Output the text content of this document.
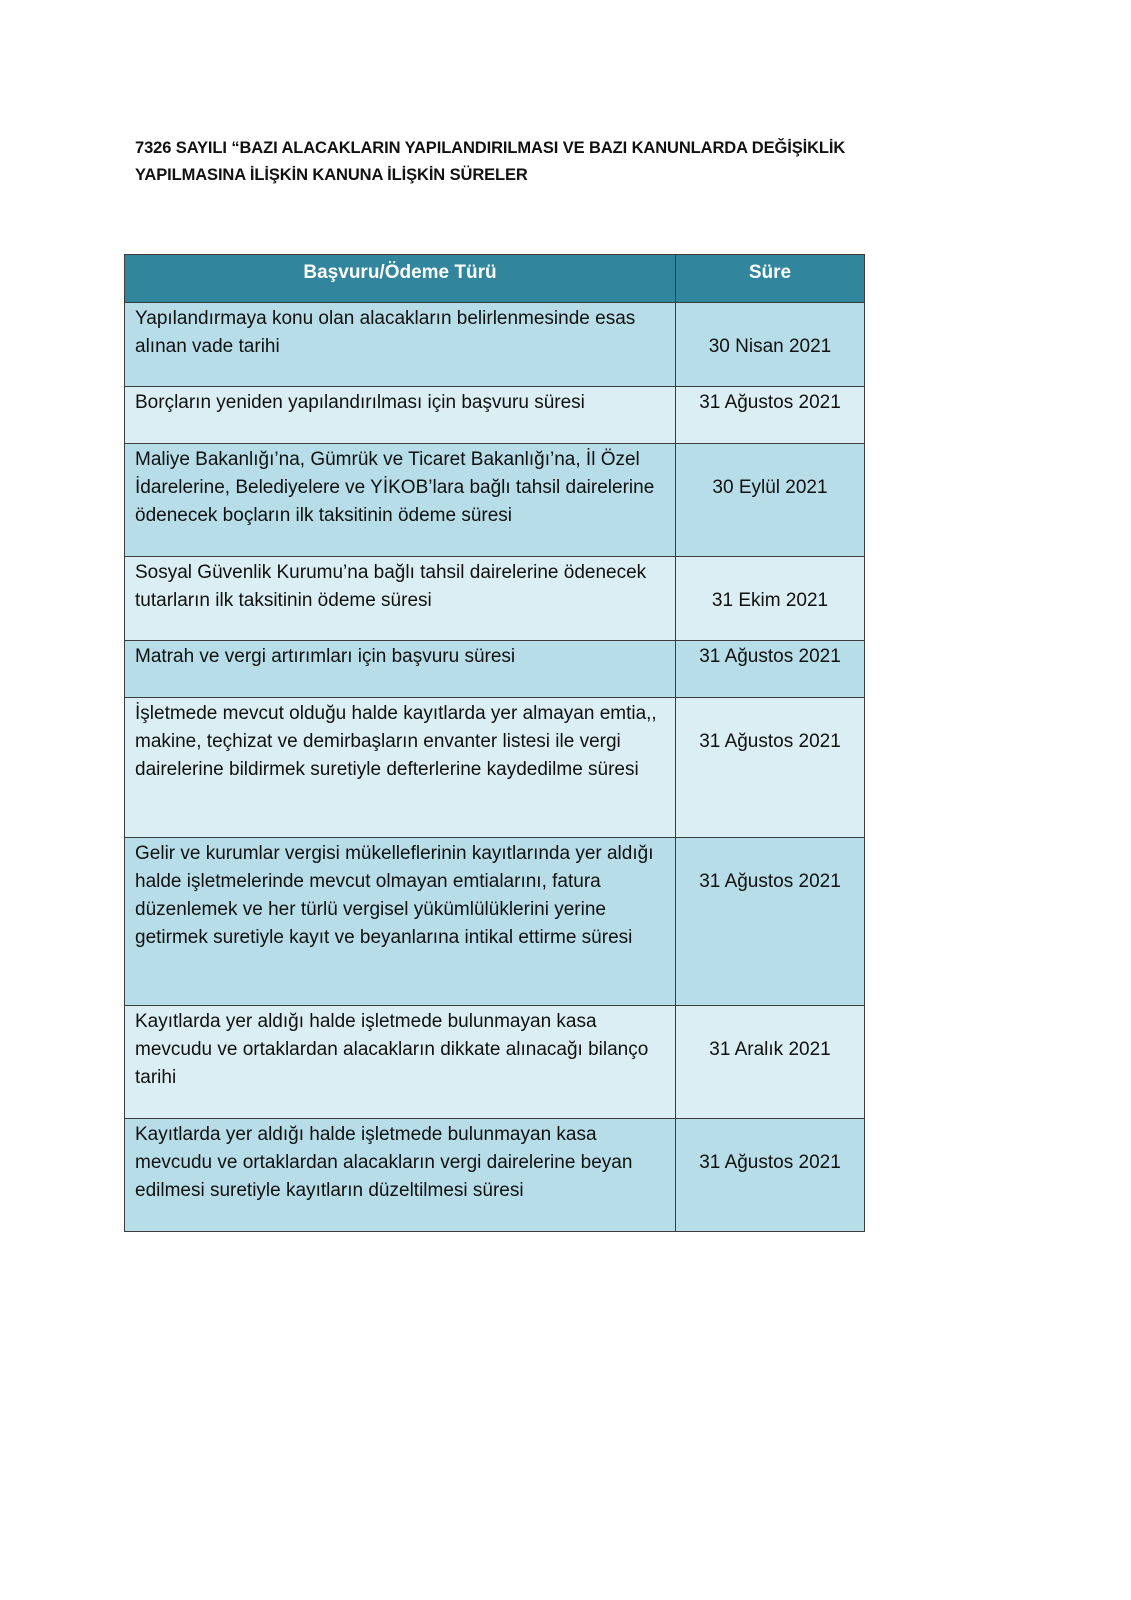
7326 SAYILI “BAZI ALACAKLARIN YAPILANDIRILMASI VE BAZI KANUNLARDA DEĞİŞİKLİK
YAPILMASINA İLİŞKİN KANUNA İLİŞKİN SÜRELER
Başvuru/Ödeme Türü	Süre
Yapılandırmaya konu olan alacakların belirlenmesinde esas alınan vade tarihi	30 Nisan 2021
Borçların yeniden yapılandırılması için başvuru süresi	31 Ağustos 2021
Maliye Bakanlığı’na, Gümrük ve Ticaret Bakanlığı’na, İl Özel İdarelerine, Belediyelere ve YİKOB’lara bağlı tahsil dairelerine ödenecek boçların ilk taksitinin ödeme süresi	30 Eylül 2021
Sosyal Güvenlik Kurumu’na bağlı tahsil dairelerine ödenecek tutarların ilk taksitinin ödeme süresi	31 Ekim 2021
Matrah ve vergi artırımları için başvuru süresi	31 Ağustos 2021
İşletmede mevcut olduğu halde kayıtlarda yer almayan emtia,, makine, teçhizat ve demirbaşların envanter listesi ile vergi dairelerine bildirmek suretiyle defterlerine kaydedilme süresi	31 Ağustos 2021
Gelir ve kurumlar vergisi mükelleflerinin kayıtlarında yer aldığı halde işletmelerinde mevcut olmayan emtialarını, fatura düzenlemek ve her türlü vergisel yükümlülüklerini yerine getirmek suretiyle kayıt ve beyanlarına intikal ettirme süresi	31 Ağustos 2021
Kayıtlarda yer aldığı halde işletmede bulunmayan kasa mevcudu ve ortaklardan alacakların dikkate alınacağı bilanço tarihi	31 Aralık 2021
Kayıtlarda yer aldığı halde işletmede bulunmayan kasa mevcudu ve ortaklardan alacakların vergi dairelerine beyan edilmesi suretiyle kayıtların düzeltilmesi süresi	31 Ağustos 2021
